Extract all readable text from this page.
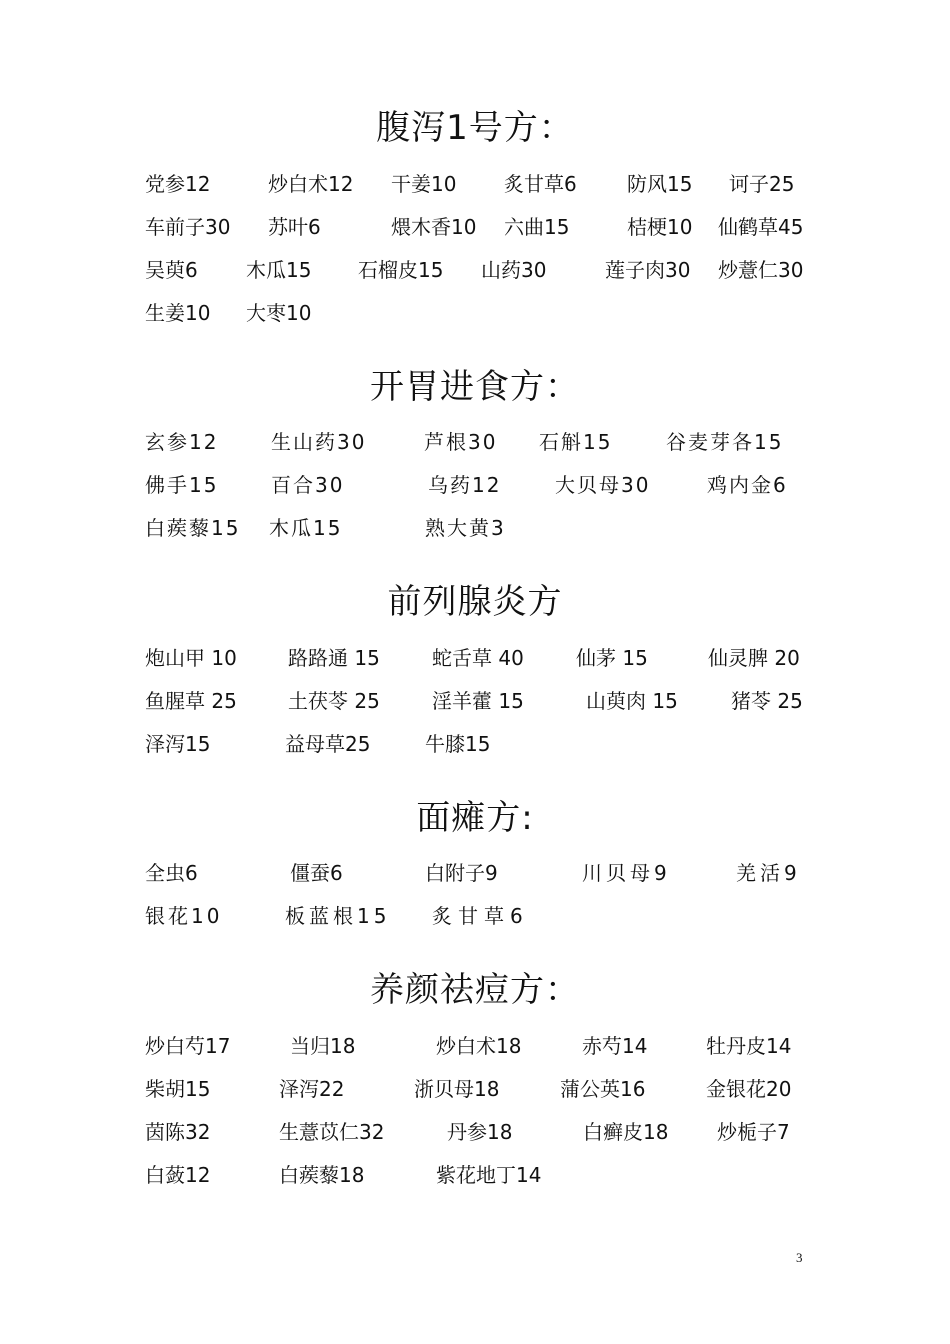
腹泻1号方：
党参12	炒白术12 干姜10 炙甘草6	防风15 诃子25
车前子30 苏叶6	煨木香10 六曲15	桔梗10 仙鹤草45
吴萸6 木瓜15 石榴皮15 山药30	莲子肉30 炒薏仁30
生姜10 大枣10
开胃进食方：
玄参12	生山药30	芦根30 石斛15	谷麦芽各15
佛手15	百合30	乌药12	大贝母30	鸡内金6
白蒺藜15 木瓜15	熟大黄3
前列腺炎方
炮山甲 10	路路通 15	蛇舌草 40	仙茅 15	仙灵脾 20
鱼腥草 25	土茯苓 25	淫羊藿 15	山萸肉 15	猪苓 25
泽泻15	益母草25	牛膝15
面瘫方:
全虫6	僵蚕6	白附子9	川贝母9	羌活9
银花10	板蓝根15 炙甘草6
养颜祛痘方：
炒白芍17	当归18	炒白术18	赤芍14	牡丹皮14
柴胡15	泽泻22	浙贝母18	蒲公英16	金银花20
茵陈32	生薏苡仁32	丹参18	白癣皮18 炒栀子7
白蔹12	白蒺藜18	紫花地丁14
3
